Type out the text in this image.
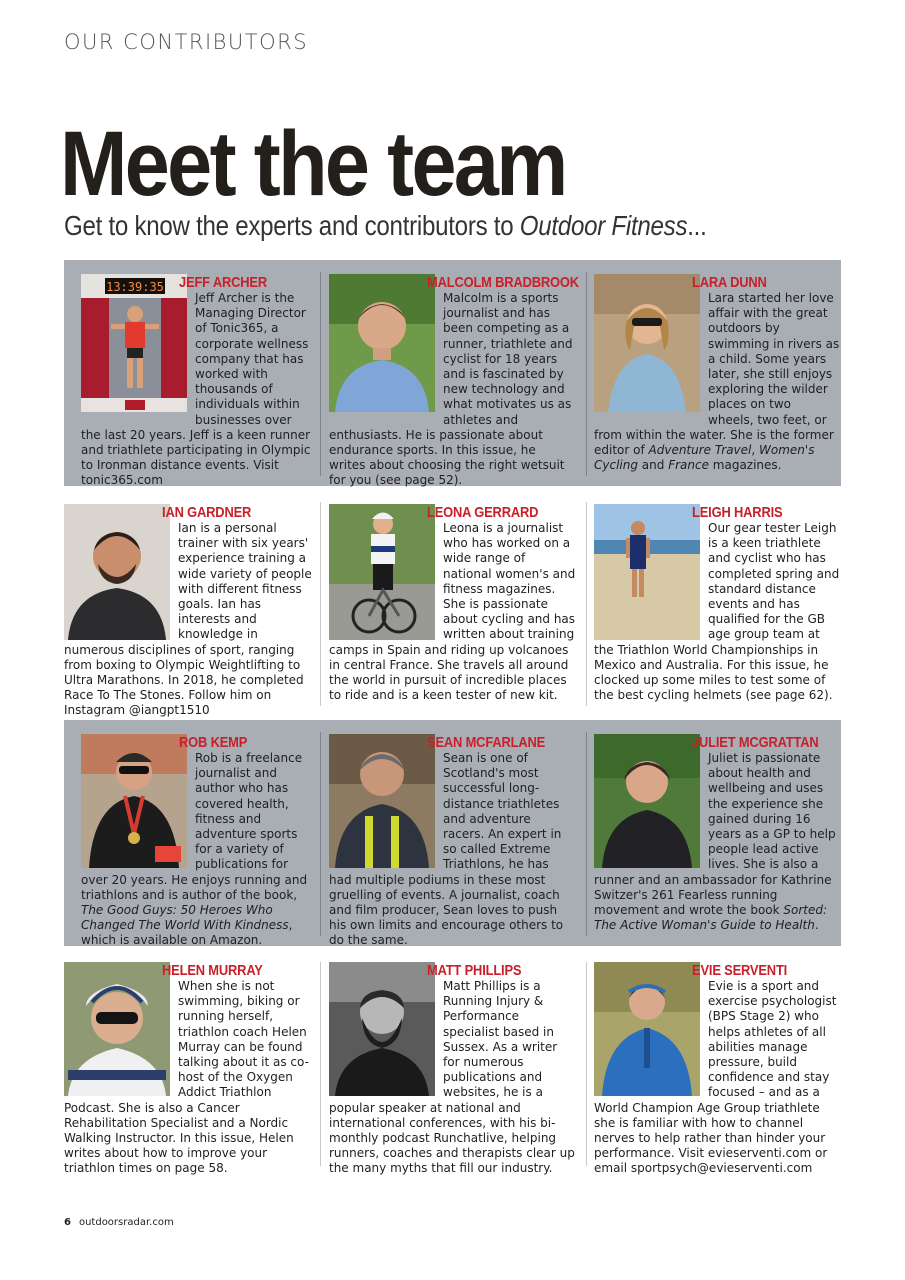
OUR CONTRIBUTORS
Meet the team
Get to know the experts and contributors to Outdoor Fitness...
13:39:35	JEFF ARCHER

Jeff Archer is the Managing Director of Tonic365, a corporate wellness company that has worked with thousands of individuals within businesses over the last 20 years. Jeff is a keen runner and triathlete participating in Olympic to Ironman distance events. Visit tonic365.com

MALCOLM BRADBROOK

Malcolm is a sports journalist and has been competing as a runner, triathlete and cyclist for 18 years and is fascinated by new technology and what motivates us as athletes and enthusiasts. He is passionate about endurance sports. In this issue, he writes about choosing the right wetsuit for you (see page 52).

LARA DUNN

Lara started her love affair with the great outdoors by swimming in rivers as a child. Some years later, she still enjoys exploring the wilder places on two wheels, two feet, or from within the water. She is the former editor of Adventure Travel, Women's Cycling and France magazines.

IAN GARDNER

Ian is a personal trainer with six years' experience training a wide variety of people with different fitness goals. Ian has interests and knowledge in numerous disciplines of sport, ranging from boxing to Olympic Weightlifting to Ultra Marathons. In 2018, he completed Race To The Stones. Follow him on Instagram @iangpt1510

LEONA GERRARD

Leona is a journalist who has worked on a wide range of national women's and fitness magazines. She is passionate about cycling and has written about training camps in Spain and riding up volcanoes in central France. She travels all around the world in pursuit of incredible places to ride and is a keen tester of new kit.

LEIGH HARRIS

Our gear tester Leigh is a keen triathlete and cyclist who has completed spring and standard distance events and has qualified for the GB age group team at the Triathlon World Championships in Mexico and Australia. For this issue, he clocked up some miles to test some of the best cycling helmets (see page 62).

ROB KEMP

Rob is a freelance journalist and author who has covered health, fitness and adventure sports for a variety of publications for over 20 years. He enjoys running and triathlons and is author of the book, The Good Guys: 50 Heroes Who Changed The World With Kindness, which is available on Amazon.

SEAN MCFARLANE

Sean is one of Scotland's most successful long-distance triathletes and adventure racers. An expert in so called Extreme Triathlons, he has had multiple podiums in these most gruelling of events. A journalist, coach and film producer, Sean loves to push his own limits and encourage others to do the same.

JULIET MCGRATTAN

Juliet is passionate about health and wellbeing and uses the experience she gained during 16 years as a GP to help people lead active lives. She is also a runner and an ambassador for Kathrine Switzer's 261 Fearless running movement and wrote the book Sorted: The Active Woman's Guide to Health.

HELEN MURRAY

When she is not swimming, biking or running herself, triathlon coach Helen Murray can be found talking about it as co-host of the Oxygen Addict Triathlon Podcast. She is also a Cancer Rehabilitation Specialist and a Nordic Walking Instructor. In this issue, Helen writes about how to improve your triathlon times on page 58.

MATT PHILLIPS

Matt Phillips is a Running Injury & Performance specialist based in Sussex. As a writer for numerous publications and websites, he is a popular speaker at national and international conferences, with his bi-monthly podcast Runchatlive, helping runners, coaches and therapists clear up the many myths that fill our industry.

EVIE SERVENTI

Evie is a sport and exercise psychologist (BPS Stage 2) who helps athletes of all abilities manage pressure, build confidence and stay focused – and as a World Champion Age Group triathlete she is familiar with how to channel nerves to help rather than hinder your performance. Visit evieserventi.com or email sportpsych@evieserventi.com

6 outdoorsradar.com
